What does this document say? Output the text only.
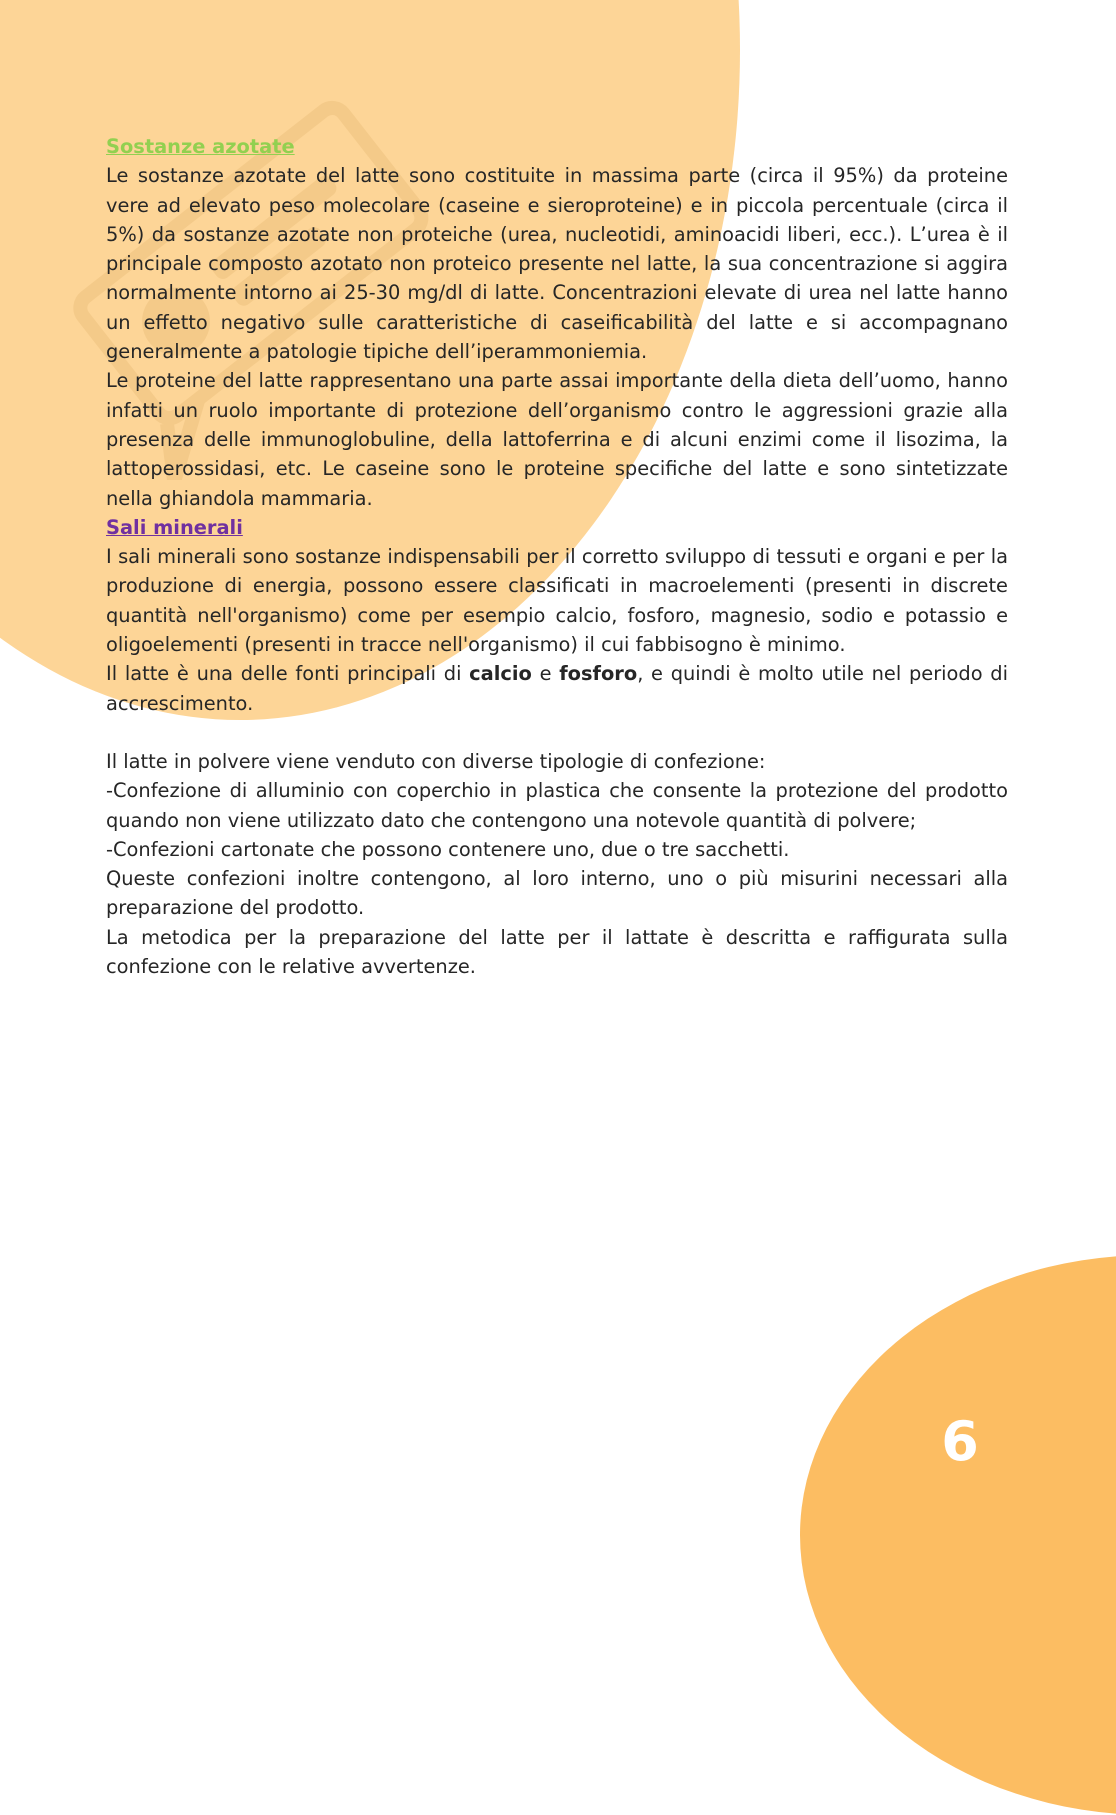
Sostanze azotate

Le sostanze azotate del latte sono costituite in massima parte (circa il 95%) da proteine vere ad elevato peso molecolare (caseine e sieroproteine) e in piccola percentuale (circa il 5%) da sostanze azotate non proteiche (urea, nucleotidi, aminoacidi liberi, ecc.). L’urea è il principale composto azotato non proteico presente nel latte, la sua concentrazione si aggira normalmente intorno ai 25-30 mg/dl di latte. Concentrazioni elevate di urea nel latte hanno un effetto negativo sulle caratteristiche di caseificabilità del latte e si accompagnano generalmente a patologie tipiche dell’iperammoniemia.

Le proteine del latte rappresentano una parte assai importante della dieta dell’uomo, hanno infatti un ruolo importante di protezione dell’organismo contro le aggressioni grazie alla presenza delle immunoglobuline, della lattoferrina e di alcuni enzimi come il lisozima, la lattoperossidasi, etc. Le caseine sono le proteine specifiche del latte e sono sintetizzate nella ghiandola mammaria.

Sali minerali

I sali minerali sono sostanze indispensabili per il corretto sviluppo di tessuti e organi e per la produzione di energia, possono essere classificati in macroelementi (presenti in discrete quantità nell'organismo) come per esempio calcio, fosforo, magnesio, sodio e potassio e oligoelementi (presenti in tracce nell'organismo) il cui fabbisogno è minimo.

Il latte è una delle fonti principali di calcio e fosforo, e quindi è molto utile nel periodo di accrescimento.

Il latte in polvere viene venduto con diverse tipologie di confezione:

-Confezione di alluminio con coperchio in plastica che consente la protezione del prodotto quando non viene utilizzato dato che contengono una notevole quantità di polvere;

-Confezioni cartonate che possono contenere uno, due o tre sacchetti.

Queste confezioni inoltre contengono, al loro interno, uno o più misurini necessari alla preparazione del prodotto.

La metodica per la preparazione del latte per il lattate è descritta e raffigurata sulla confezione con le relative avvertenze.

6
